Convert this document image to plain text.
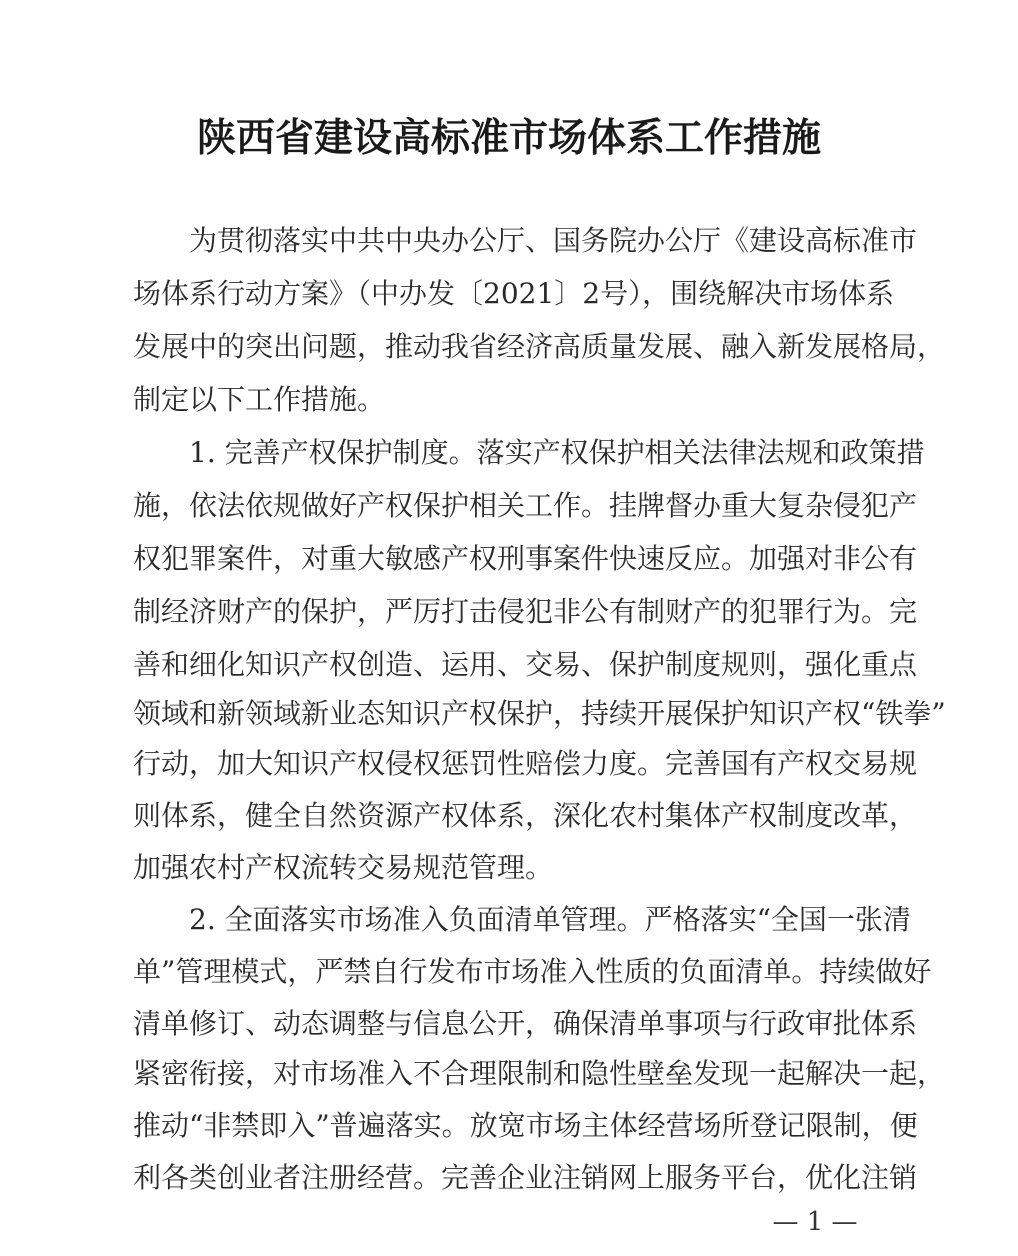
陕西省建设高标准市场体系工作措施
为贯彻落实中共中央办公厅、国务院办公厅《建设高标准市
场体系行动方案》（中办发〔2021〕2号），围绕解决市场体系
发展中的突出问题，推动我省经济高质量发展、融入新发展格局，
制定以下工作措施。
1. 完善产权保护制度。落实产权保护相关法律法规和政策措
施，依法依规做好产权保护相关工作。挂牌督办重大复杂侵犯产
权犯罪案件，对重大敏感产权刑事案件快速反应。加强对非公有
制经济财产的保护，严厉打击侵犯非公有制财产的犯罪行为。完
善和细化知识产权创造、运用、交易、保护制度规则，强化重点
领域和新领域新业态知识产权保护，持续开展保护知识产权“铁拳”
行动，加大知识产权侵权惩罚性赔偿力度。完善国有产权交易规
则体系，健全自然资源产权体系，深化农村集体产权制度改革，
加强农村产权流转交易规范管理。
2. 全面落实市场准入负面清单管理。严格落实“全国一张清
单”管理模式，严禁自行发布市场准入性质的负面清单。持续做好
清单修订、动态调整与信息公开，确保清单事项与行政审批体系
紧密衔接，对市场准入不合理限制和隐性壁垒发现一起解决一起，
推动“非禁即入”普遍落实。放宽市场主体经营场所登记限制，便
利各类创业者注册经营。完善企业注销网上服务平台，优化注销
— 1 —
